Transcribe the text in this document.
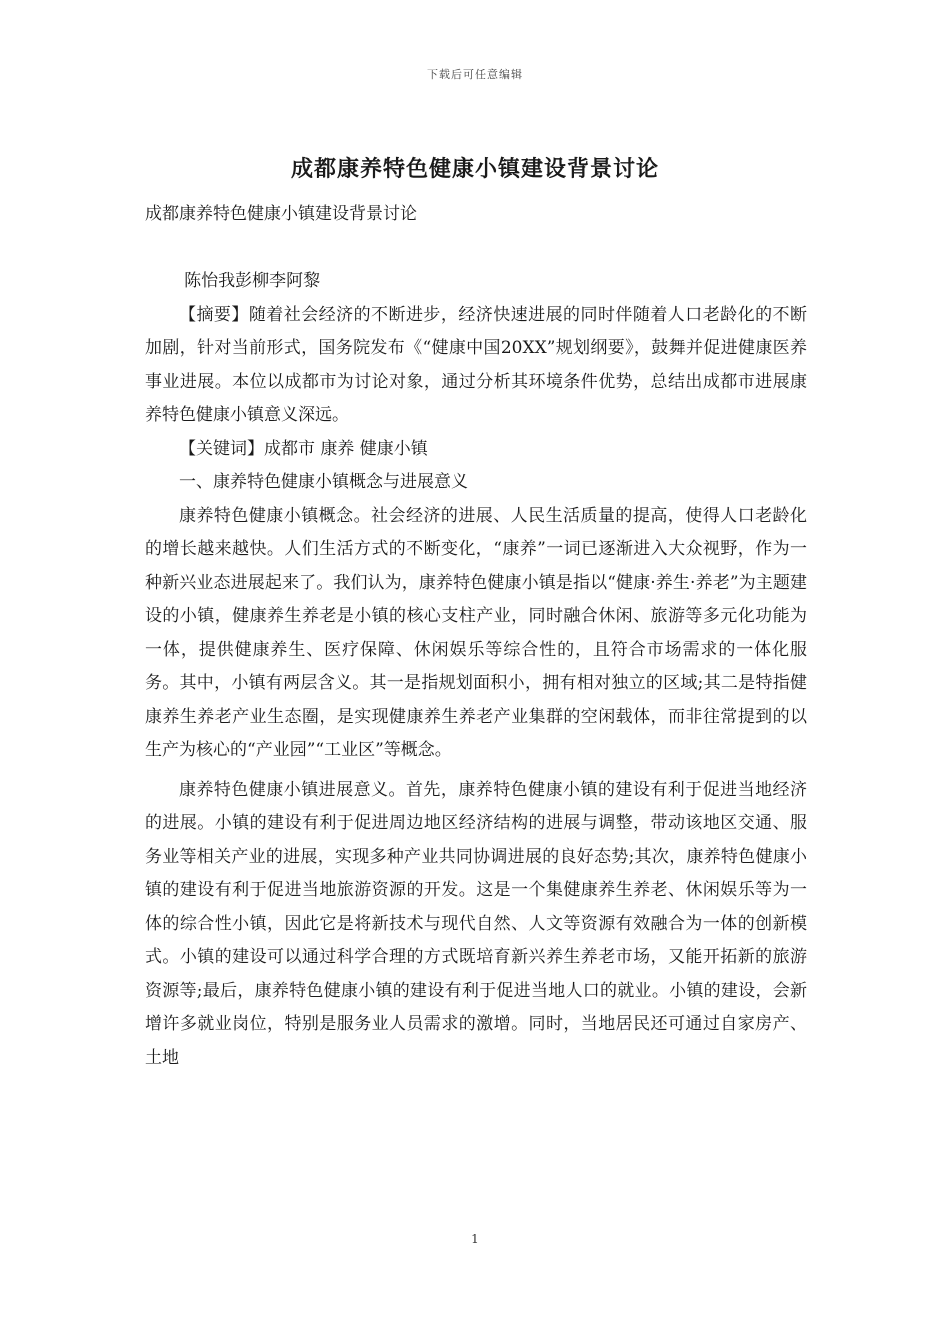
下载后可任意编辑
成都康养特色健康小镇建设背景讨论

成都康养特色健康小镇建设背景讨论

陈怡我彭柳李阿黎

【摘要】随着社会经济的不断进步，经济快速进展的同时伴随着人口老龄化的不断加剧，针对当前形式，国务院发布《“健康中国20XX”规划纲要》，鼓舞并促进健康医养事业进展。本位以成都市为讨论对象，通过分析其环境条件优势，总结出成都市进展康养特色健康小镇意义深远。

【关键词】成都市 康养 健康小镇

一、康养特色健康小镇概念与进展意义

康养特色健康小镇概念。社会经济的进展、人民生活质量的提高，使得人口老龄化的增长越来越快。人们生活方式的不断变化，“康养”一词已逐渐进入大众视野，作为一种新兴业态进展起来了。我们认为，康养特色健康小镇是指以“健康·养生·养老”为主题建设的小镇，健康养生养老是小镇的核心支柱产业，同时融合休闲、旅游等多元化功能为一体，提供健康养生、医疗保障、休闲娱乐等综合性的，且符合市场需求的一体化服务。其中，小镇有两层含义。其一是指规划面积小，拥有相对独立的区域;其二是特指健康养生养老产业生态圈，是实现健康养生养老产业集群的空闲载体，而非往常提到的以生产为核心的“产业园”“工业区”等概念。

康养特色健康小镇进展意义。首先，康养特色健康小镇的建设有利于促进当地经济的进展。小镇的建设有利于促进周边地区经济结构的进展与调整，带动该地区交通、服务业等相关产业的进展，实现多种产业共同协调进展的良好态势;其次，康养特色健康小镇的建设有利于促进当地旅游资源的开发。这是一个集健康养生养老、休闲娱乐等为一体的综合性小镇，因此它是将新技术与现代自然、人文等资源有效融合为一体的创新模式。小镇的建设可以通过科学合理的方式既培育新兴养生养老市场，又能开拓新的旅游资源等;最后，康养特色健康小镇的建设有利于促进当地人口的就业。小镇的建设，会新增许多就业岗位，特别是服务业人员需求的激增。同时，当地居民还可通过自家房产、土地

1
